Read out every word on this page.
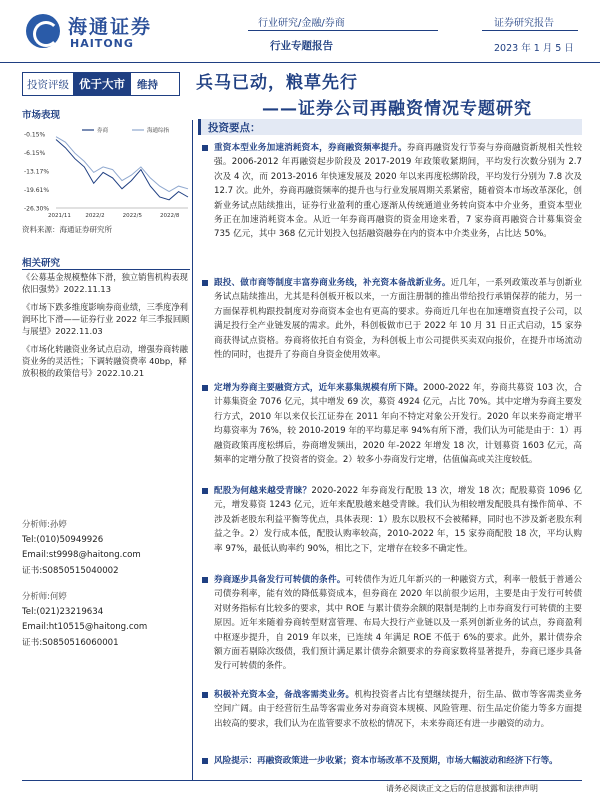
海通证券
HAITONG
行业研究/金融/券商
行业专题报告
证券研究报告
2023 年 1 月 5 日
投资评级 优于大市	维持	兵马已动，粮草先行
——证券公司再融资情况专题研究
市场表现
-0.15%
-6.15%
-13.17%
-19.61%
-26.30%
2021/11	2022/2	2022/5	2022/8
券商	海通综指
资料来源：海通证券研究所
相关研究
《公募基金规模整体下滑，独立销售机构表现依旧强势》2022.11.13
《市场下跌多维度影响券商业绩，三季度净利润环比下滑——证券行业 2022 年三季报回顾与展望》2022.11.03
《市场化转融资业务试点启动，增强券商转融资业务的灵活性；下调转融资费率 40bp，释放积极的政策信号》2022.10.21
分析师:孙婷
Tel:(010)50949926
Email:st9998@haitong.com
证书:S0850515040002
分析师:何婷
Tel:(021)23219634
Email:ht10515@haitong.com
证书:S0850516060001
投资要点：
重资本型业务加速消耗资本，券商融资频率提升。券商再融资发行节奏与券商融资新规相关性较强。2006-2012 年再融资起步阶段及 2017-2019 年政策收紧期间，平均发行次数分别为 2.7 次及 4 次，而 2013-2016 年快速发展及 2020 年以来再度松绑阶段，平均发行分别为 7.8 次及 12.7 次。此外，券商再融资频率的提升也与行业发展周期关系紧密，随着资本市场改革深化，创新业务试点陆续推出，证券行业盈利的重心逐渐从传统通道业务转向资本中介业务，重资本型业务正在加速消耗资本金。从近一年券商再融资的资金用途来看，7 家券商再融资合计募集资金 735 亿元，其中 368 亿元计划投入包括融资融券在内的资本中介类业务，占比达 50%。
跟投、做市商等制度丰富券商业务线，补充资本备战新业务。近几年，一系列政策改革与创新业务试点陆续推出，尤其是科创板开板以来，一方面注册制的推出带给投行承销保荐的能力，另一方面保荐机构跟投制度对券商资本金也有更高的要求。券商近几年也在加速增资直投子公司，以满足投行全产业链发展的需求。此外，科创板做市已于 2022 年 10 月 31 日正式启动，15 家券商获得试点资格。券商将依托自有资金，为科创板上市公司提供买卖双向报价，在提升市场流动性的同时，也提升了券商自身资金使用效率。
定增为券商主要融资方式，近年来募集规模有所下降。2000-2022 年，券商共募资 103 次，合计募集资金 7076 亿元，其中增发 69 次，募资 4924 亿元，占比 70%。其中定增为券商主要发行方式，2010 年以来仅长江证券在 2011 年向不特定对象公开发行。2020 年以来券商定增平均募资率为 76%，较 2010-2019 年的平均募足率 94%有所下滑，我们认为可能是由于：1）再融资政策再度松绑后，券商增发频出，2020 年-2022 年增发 18 次，计划募资 1603 亿元，高频率的定增分散了投资者的资金。2）较多小券商发行定增，估值偏高或关注度较低。
配股为何越来越受青睐？2020-2022 年券商发行配股 13 次，增发 18 次；配股募资 1096 亿元，增发募资 1243 亿元，近年来配股越来越受青睐。我们认为相较增发配股具有操作简单、不涉及新老股东利益平衡等优点，具体表现：1）股东以股权不会被稀释，同时也不涉及新老股东利益之争。2）发行成本低，配股认购率较高，2010-2022 年，15 家券商配股 18 次，平均认购率 97%，最低认购率约 90%，相比之下，定增存在较多不确定性。
券商逐步具备发行可转债的条件。可转债作为近几年新兴的一种融资方式，利率一般低于普通公司债券利率，能有效的降低募资成本，但券商在 2020 年以前很少运用，主要是由于发行可转债对财务指标有比较多的要求，其中 ROE 与累计债券余额的限制是制约上市券商发行可转债的主要原因。近年来随着券商转型财富管理、布局大投行产业链以及一系列创新业务的试点，券商盈利中枢逐步提升，自 2019 年以来，已连续 4 年满足 ROE 不低于 6%的要求。此外，累计债券余额方面若剔除次级债，我们预计满足累计债券余额要求的券商家数将显著提升，券商已逐步具备发行可转债的条件。
积极补充资本金，备战客需类业务。机构投资者占比有望继续提升，衍生品、做市等客需类业务空间广阔。由于经营衍生品等客需业务对券商资本规模、风险管理、衍生品定价能力等多方面提出较高的要求，我们认为在监管要求不放松的情况下，未来券商还有进一步融资的动力。
风险提示：再融资政策进一步收紧；资本市场改革不及预期，市场大幅波动和经济下行等。
请务必阅读正文之后的信息披露和法律声明
